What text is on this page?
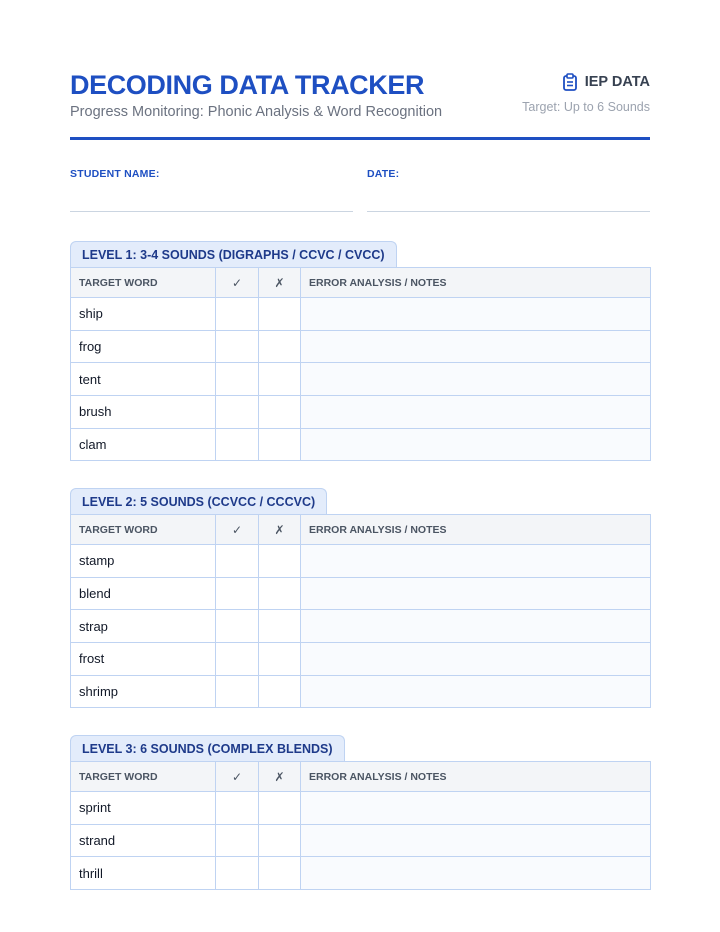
DECODING DATA TRACKER
Progress Monitoring: Phonic Analysis & Word Recognition
IEP DATA
Target: Up to 6 Sounds
STUDENT NAME:	DATE:
LEVEL 1: 3-4 SOUNDS (DIGRAPHS / CCVC / CVCC)
TARGET WORD	✓	✗	ERROR ANALYSIS / NOTES
ship			
frog			
tent			
brush			
clam			
LEVEL 2: 5 SOUNDS (CCVCC / CCCVC)
TARGET WORD	✓	✗	ERROR ANALYSIS / NOTES
stamp			
blend			
strap			
frost			
shrimp			
LEVEL 3: 6 SOUNDS (COMPLEX BLENDS)
TARGET WORD	✓	✗	ERROR ANALYSIS / NOTES
sprint			
strand			
thrill			
